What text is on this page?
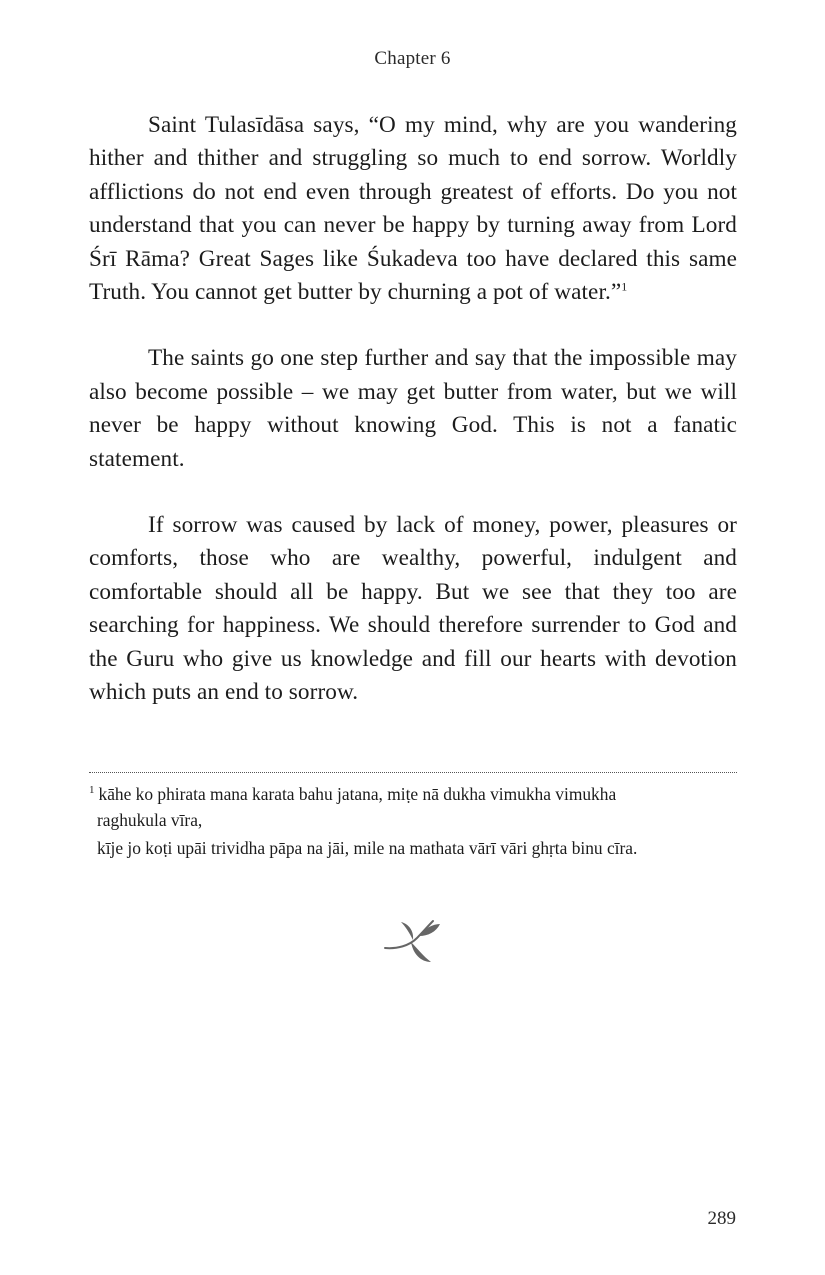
Chapter 6

Saint Tulasīdāsa says, “O my mind, why are you wandering hither and thither and struggling so much to end sorrow. Worldly afflictions do not end even through greatest of efforts. Do you not understand that you can never be happy by turning away from Lord Śrī Rāma? Great Sages like Śukadeva too have declared this same Truth. You cannot get butter by churning a pot of water.”$^1$

The saints go one step further and say that the impossible may also become possible – we may get butter from water, but we will never be happy without knowing God. This is not a fanatic statement.

If sorrow was caused by lack of money, power, pleasures or comforts, those who are wealthy, powerful, indulgent and comfortable should all be happy. But we see that they too are searching for happiness. We should therefore surrender to God and the Guru who give us knowledge and fill our hearts with devotion which puts an end to sorrow.

$^1$ kāhe ko phirata mana karata bahu jatana, miṭe nā dukha vimukha vimukha
raghukula vīra,
kīje jo koṭi upāi trividha pāpa na jāi, mile na mathata vārī vāri ghṛta binu cīra.
289
